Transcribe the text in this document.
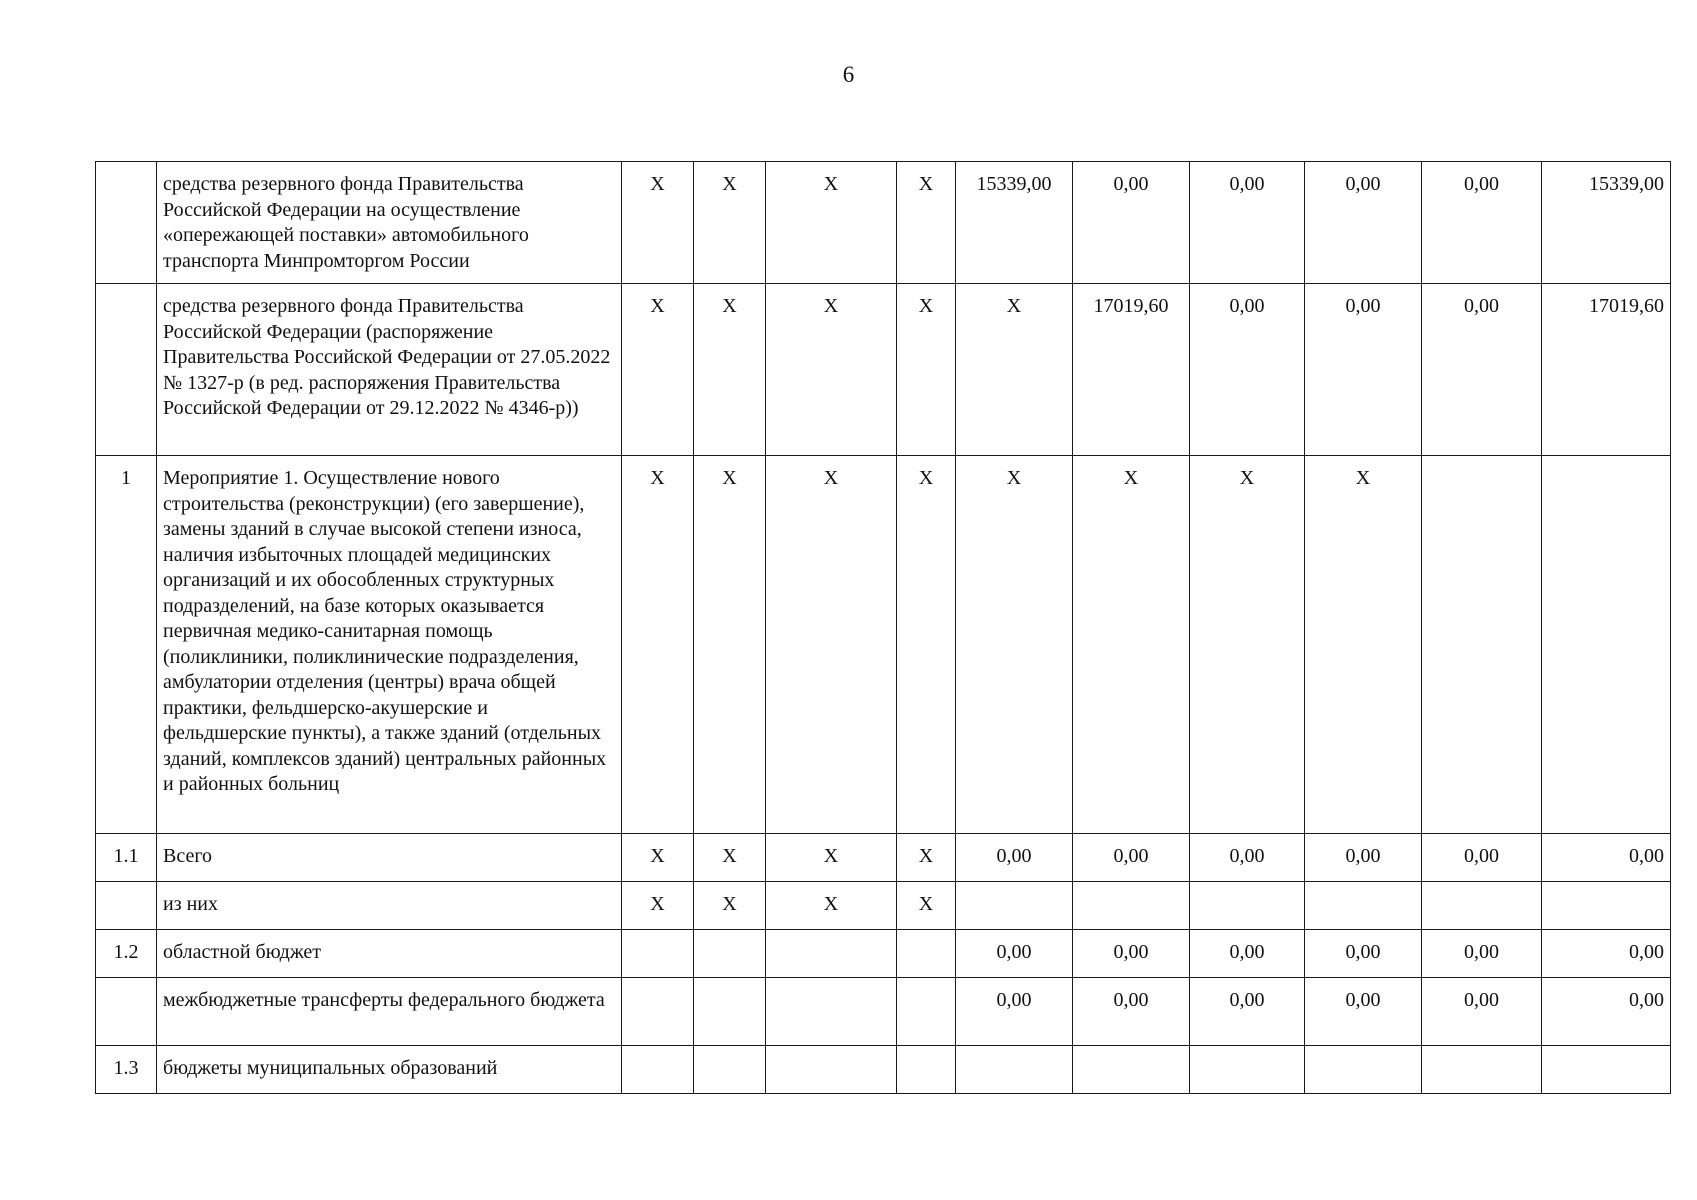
6
	средства резервного фонда Правительства Российской Федерации на осуществление «опережающей поставки» автомобильного транспорта Минпромторгом России	X	X	X	X	15339,00	0,00	0,00	0,00	0,00	15339,00
	средства резервного фонда Правительства Российской Федерации (распоряжение Правительства Российской Федерации от 27.05.2022 № 1327-р (в ред. распоряжения Правительства Российской Федерации от 29.12.2022 № 4346-р))	X	X	X	X	X	17019,60	0,00	0,00	0,00	17019,60
1	Мероприятие 1. Осуществление нового строительства (реконструкции) (его завершение), замены зданий в случае высокой степени износа, наличия избыточных площадей медицинских организаций и их обособленных структурных подразделений, на базе которых оказывается первичная медико-санитарная помощь (поликлиники, поликлинические подразделения, амбулатории отделения (центры) врача общей практики, фельдшерско-акушерские и фельдшерские пункты), а также зданий (отдельных зданий, комплексов зданий) центральных районных и районных больниц	X	X	X	X	X	X	X	X		
1.1	Всего	X	X	X	X	0,00	0,00	0,00	0,00	0,00	0,00
	из них	X	X	X	X						
1.2	областной бюджет					0,00	0,00	0,00	0,00	0,00	0,00
	межбюджетные трансферты федерального бюджета					0,00	0,00	0,00	0,00	0,00	0,00
1.3	бюджеты муниципальных образований										
